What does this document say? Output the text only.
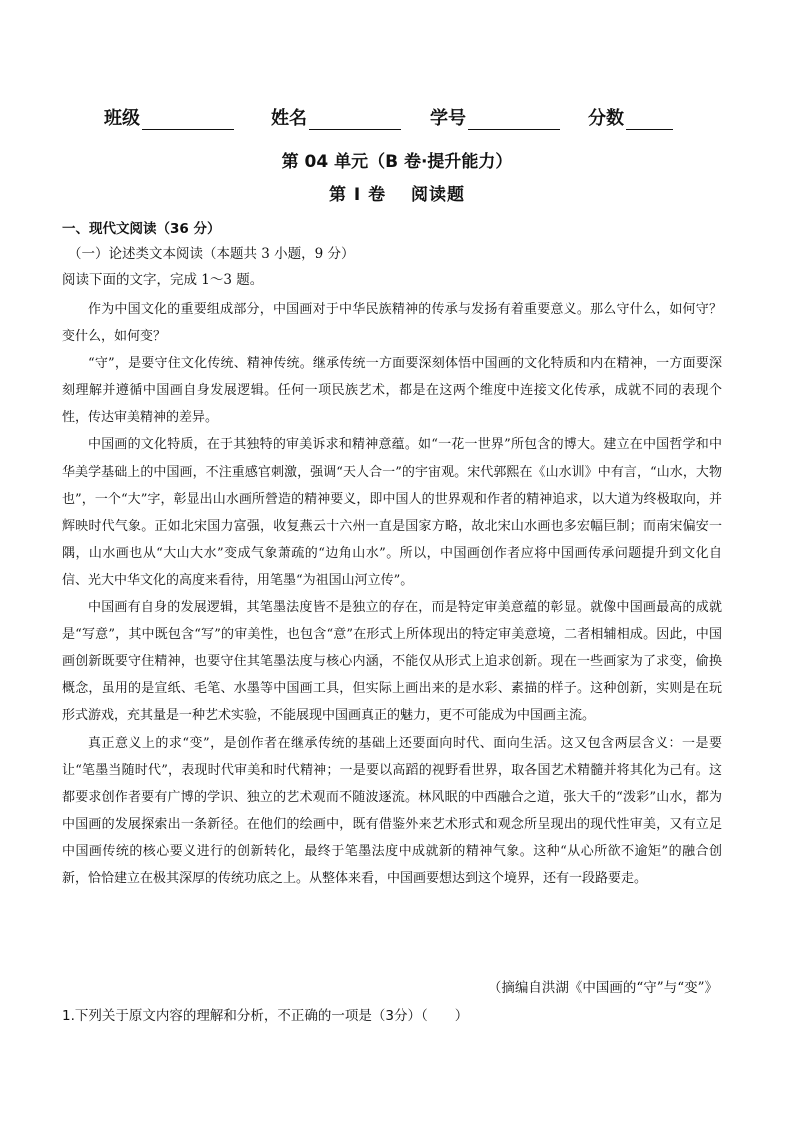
班级	姓名	学号	分数
第 04 单元（B 卷·提升能力）
第 I 卷　 阅读题
一、现代文阅读（36 分）
（一）论述类文本阅读（本题共 3 小题，9 分）
阅读下面的文字，完成 1～3 题。

作为中国文化的重要组成部分，中国画对于中华民族精神的传承与发扬有着重要意义。那么守什么，如何守？变什么，如何变？

“守”，是要守住文化传统、精神传统。继承传统一方面要深刻体悟中国画的文化特质和内在精神，一方面要深刻理解并遵循中国画自身发展逻辑。任何一项民族艺术，都是在这两个维度中连接文化传承，成就不同的表现个性，传达审美精神的差异。

中国画的文化特质，在于其独特的审美诉求和精神意蕴。如“一花一世界”所包含的博大。建立在中国哲学和中华美学基础上的中国画，不注重感官刺激，强调“天人合一”的宇宙观。宋代郭熙在《山水训》中有言，“山水，大物也”，一个“大”字，彰显出山水画所營造的精神要义，即中国人的世界观和作者的精神追求，以大道为终极取向，并辉映时代气象。正如北宋国力富强，收复燕云十六州一直是国家方略，故北宋山水画也多宏幅巨制；而南宋偏安一隅，山水画也从“大山大水”变成气象萧疏的“边角山水”。所以，中国画创作者应将中国画传承问题提升到文化自信、光大中华文化的高度来看待，用笔墨“为祖国山河立传”。

中国画有自身的发展逻辑，其笔墨法度皆不是独立的存在，而是特定审美意蕴的彰显。就像中国画最高的成就是“写意”，其中既包含“写”的审美性，也包含“意”在形式上所体现出的特定审美意境，二者相辅相成。因此，中国画创新既要守住精神，也要守住其笔墨法度与核心内涵，不能仅从形式上追求创新。现在一些画家为了求变，偷换概念，虽用的是宣纸、毛笔、水墨等中国画工具，但实际上画出来的是水彩、素描的样子。这种创新，实则是在玩形式游戏，充其量是一种艺术实验，不能展现中国画真正的魅力，更不可能成为中国画主流。

真正意义上的求“变”，是创作者在继承传统的基础上还要面向时代、面向生活。这又包含两层含义：一是要让“笔墨当随时代”，表现时代审美和时代精神；一是要以高蹈的视野看世界，取各国艺术精髓并将其化为己有。这都要求创作者要有广博的学识、独立的艺术观而不随波逐流。林风眠的中西融合之道，张大千的“泼彩”山水，都为中国画的发展探索出一条新径。在他们的绘画中，既有借鉴外来艺术形式和观念所呈现出的现代性审美，又有立足中国画传统的核心要义进行的创新转化，最终于笔墨法度中成就新的精神气象。这种“从心所欲不逾矩”的融合创新，恰恰建立在极其深厚的传统功底之上。从整体来看，中国画要想达到这个境界，还有一段路要走。

（摘编自洪湖《中国画的“守”与“变”》
1.下列关于原文内容的理解和分析，不正确的一项是（3分）（　　）
